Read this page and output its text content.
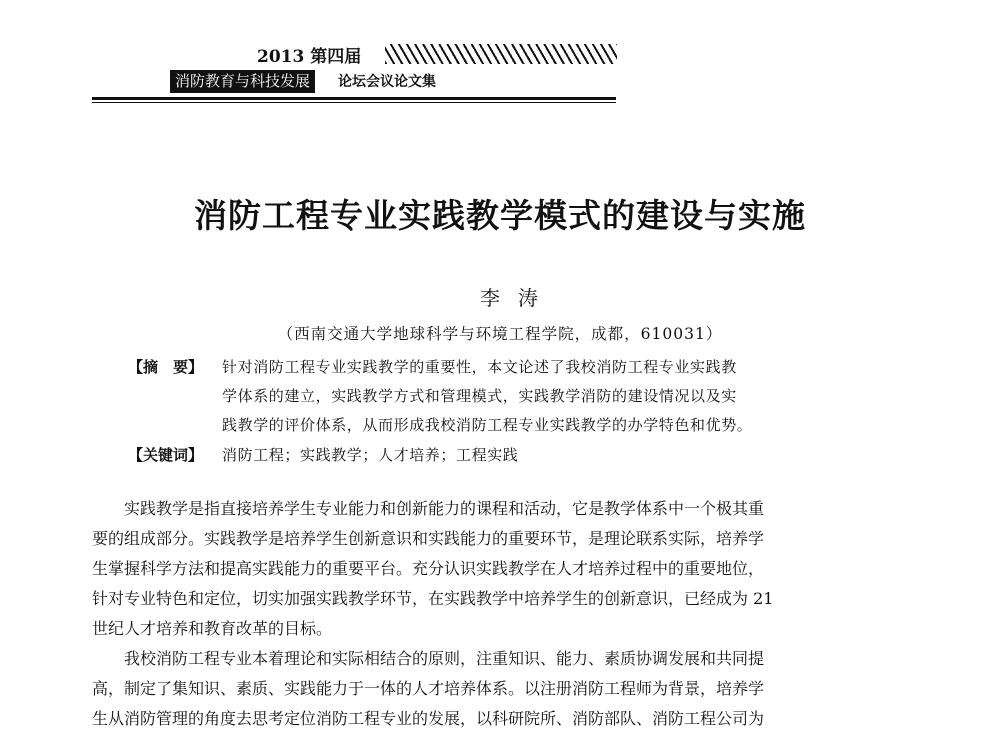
2013 第四届
消防教育与科技发展	论坛会议论文集
消防工程专业实践教学模式的建设与实施
李涛
（西南交通大学地球科学与环境工程学院，成都，610031）
【摘　要】 针对消防工程专业实践教学的重要性，本文论述了我校消防工程专业实践教
学体系的建立，实践教学方式和管理模式，实践教学消防的建设情况以及实
践教学的评价体系，从而形成我校消防工程专业实践教学的办学特色和优势。
【关键词】 消防工程；实践教学；人才培养；工程实践
实践教学是指直接培养学生专业能力和创新能力的课程和活动，它是教学体系中一个极其重
要的组成部分。实践教学是培养学生创新意识和实践能力的重要环节，是理论联系实际，培养学
生掌握科学方法和提高实践能力的重要平台。充分认识实践教学在人才培养过程中的重要地位，
针对专业特色和定位，切实加强实践教学环节，在实践教学中培养学生的创新意识，已经成为 21
世纪人才培养和教育改革的目标。
我校消防工程专业本着理论和实际相结合的原则，注重知识、能力、素质协调发展和共同提
高，制定了集知识、素质、实践能力于一体的人才培养体系。以注册消防工程师为背景，培养学
生从消防管理的角度去思考定位消防工程专业的发展，以科研院所、消防部队、消防工程公司为
